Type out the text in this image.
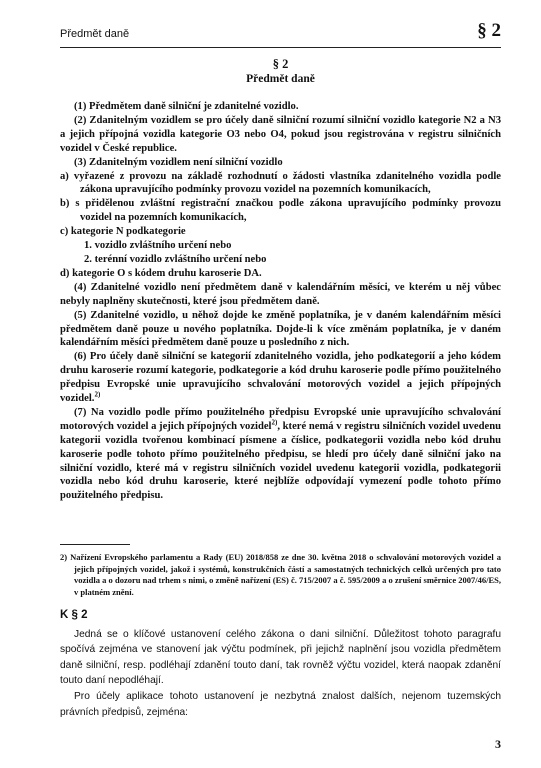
Předmět daně	§ 2
§ 2
Předmět daně

(1) Předmětem daně silniční je zdanitelné vozidlo.

(2) Zdanitelným vozidlem se pro účely daně silniční rozumí silniční vozidlo kategorie N2 a N3 a jejich přípojná vozidla kategorie O3 nebo O4, pokud jsou registrována v registru silničních vozidel v České republice.

(3) Zdanitelným vozidlem není silniční vozidlo

a) vyřazené z provozu na základě rozhodnutí o žádosti vlastníka zdanitelného vozidla podle zákona upravujícího podmínky provozu vozidel na pozemních komunikacích,

b) s přidělenou zvláštní registrační značkou podle zákona upravujícího podmínky provozu vozidel na pozemních komunikacích,

c) kategorie N podkategorie

1. vozidlo zvláštního určení nebo

2. terénní vozidlo zvláštního určení nebo

d) kategorie O s kódem druhu karoserie DA.

(4) Zdanitelné vozidlo není předmětem daně v kalendářním měsíci, ve kterém u něj vůbec nebyly naplněny skutečnosti, které jsou předmětem daně.

(5) Zdanitelné vozidlo, u něhož dojde ke změně poplatníka, je v daném kalendářním měsíci předmětem daně pouze u nového poplatníka. Dojde-li k více změnám poplatníka, je v daném kalendářním měsíci předmětem daně pouze u posledního z nich.

(6) Pro účely daně silniční se kategorií zdanitelného vozidla, jeho podkategorií a jeho kódem druhu karoserie rozumí kategorie, podkategorie a kód druhu karoserie podle přímo použitelného předpisu Evropské unie upravujícího schvalování motorových vozidel a jejich přípojných vozidel.$^{2)}$

(7) Na vozidlo podle přímo použitelného předpisu Evropské unie upravujícího schvalování motorových vozidel a jejich přípojných vozidel$^{2)}$, které nemá v registru silničních vozidel uvedenu kategorii vozidla tvořenou kombinací písmene a číslice, podkategorii vozidla nebo kód druhu karoserie podle tohoto přímo použitelného předpisu, se hledí pro účely daně silniční jako na silniční vozidlo, které má v registru silničních vozidel uvedenu kategorii vozidla, podkategorii vozidla nebo kód druhu karoserie, které nejblíže odpovídají vymezení podle tohoto přímo použitelného předpisu.

2) Nařízení Evropského parlamentu a Rady (EU) 2018/858 ze dne 30. května 2018 o schvalování motorových vozidel a jejich přípojných vozidel, jakož i systémů, konstrukčních částí a samostatných technických celků určených pro tato vozidla a o dozoru nad trhem s nimi, o změně nařízení (ES) č. 715/2007 a č. 595/2009 a o zrušení směrnice 2007/46/ES, v platném znění.

K § 2

Jedná se o klíčové ustanovení celého zákona o dani silniční. Důležitost tohoto paragrafu spočívá zejména ve stanovení jak výčtu podmínek, při jejichž naplnění jsou vozidla předmětem daně silniční, resp. podléhají zdanění touto daní, tak rovněž výčtu vozidel, která naopak zdanění touto daní nepodléhají.

Pro účely aplikace tohoto ustanovení je nezbytná znalost dalších, nejenom tuzemských právních předpisů, zejména:

3
